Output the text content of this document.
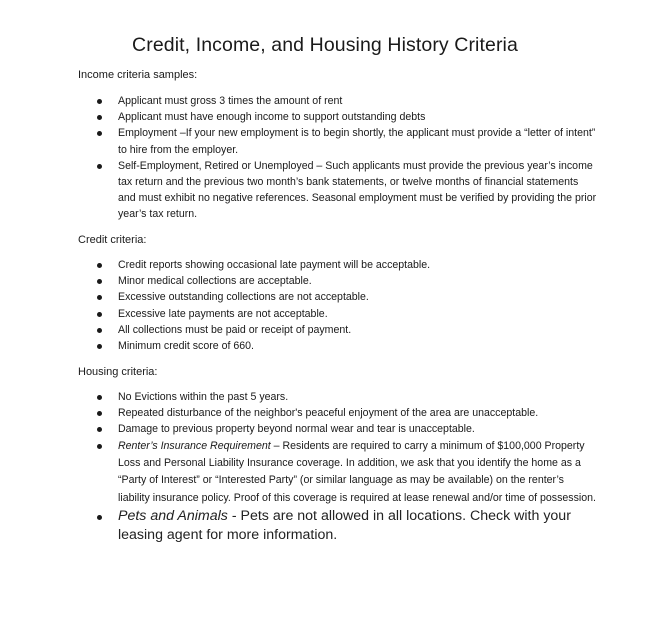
Credit, Income, and Housing History Criteria

Income criteria samples:

Applicant must gross 3 times the amount of rent
Applicant must have enough income to support outstanding debts
Employment –If your new employment is to begin shortly, the applicant must provide a “letter of intent” to hire from the employer.
Self-Employment, Retired or Unemployed – Such applicants must provide the previous year’s income tax return and the previous two month’s bank statements, or twelve months of financial statements and must exhibit no negative references. Seasonal employment must be verified by providing the prior year’s tax return.

Credit criteria:

Credit reports showing occasional late payment will be acceptable.
Minor medical collections are acceptable.
Excessive outstanding collections are not acceptable.
Excessive late payments are not acceptable.
All collections must be paid or receipt of payment.
Minimum credit score of 660.

Housing criteria:

No Evictions within the past 5 years.
Repeated disturbance of the neighbor's peaceful enjoyment of the area are unacceptable.
Damage to previous property beyond normal wear and tear is unacceptable.
Renter’s Insurance Requirement – Residents are required to carry a minimum of $100,000 Property Loss and Personal Liability Insurance coverage. In addition, we ask that you identify the home as a “Party of Interest” or “Interested Party” (or similar language as may be available) on the renter’s liability insurance policy. Proof of this coverage is required at lease renewal and/or time of possession.
Pets and Animals - Pets are not allowed in all locations. Check with your leasing agent for more information.
